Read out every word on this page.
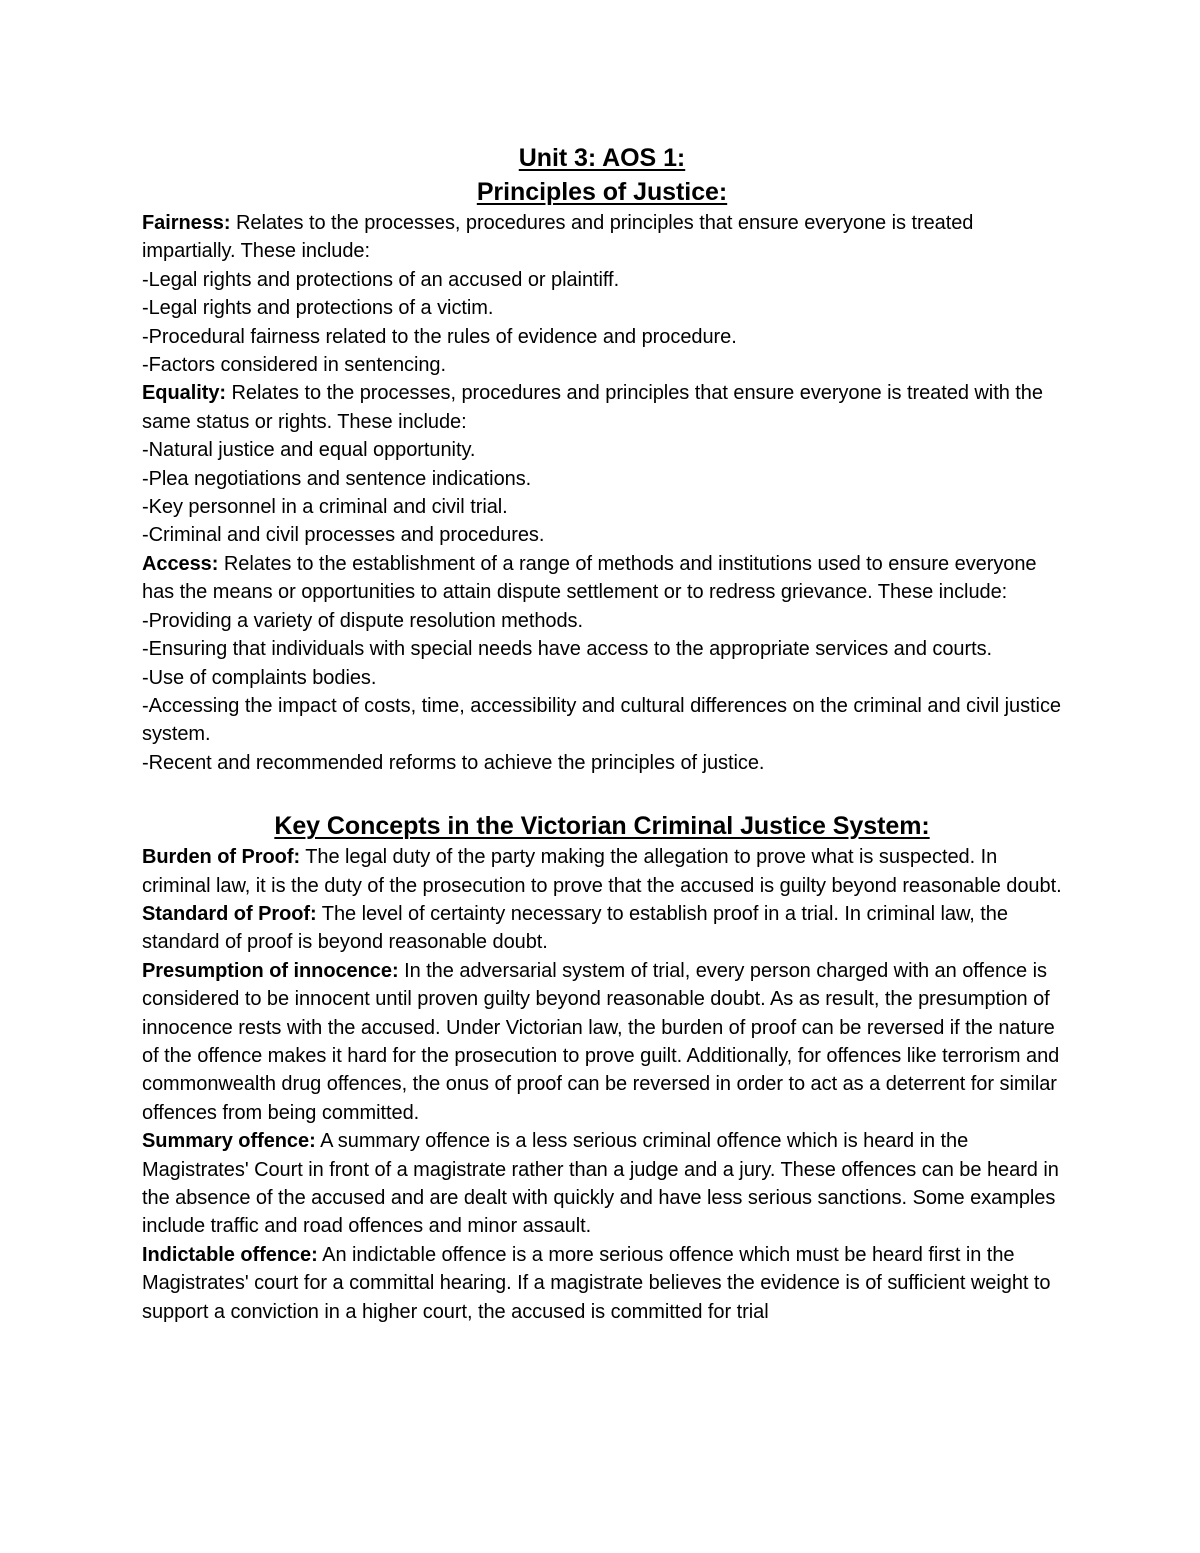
Unit 3: AOS 1:
Principles of Justice:

Fairness: Relates to the processes, procedures and principles that ensure everyone is treated impartially. These include:

-Legal rights and protections of an accused or plaintiff.

-Legal rights and protections of a victim.

-Procedural fairness related to the rules of evidence and procedure.

-Factors considered in sentencing.

Equality: Relates to the processes, procedures and principles that ensure everyone is treated with the same status or rights. These include:

-Natural justice and equal opportunity.

-Plea negotiations and sentence indications.

-Key personnel in a criminal and civil trial.

-Criminal and civil processes and procedures.

Access: Relates to the establishment of a range of methods and institutions used to ensure everyone has the means or opportunities to attain dispute settlement or to redress grievance. These include:

-Providing a variety of dispute resolution methods.

-Ensuring that individuals with special needs have access to the appropriate services and courts.

-Use of complaints bodies.

-Accessing the impact of costs, time, accessibility and cultural differences on the criminal and civil justice system.

-Recent and recommended reforms to achieve the principles of justice.

Key Concepts in the Victorian Criminal Justice System:

Burden of Proof: The legal duty of the party making the allegation to prove what is suspected. In criminal law, it is the duty of the prosecution to prove that the accused is guilty beyond reasonable doubt.

Standard of Proof: The level of certainty necessary to establish proof in a trial. In criminal law, the standard of proof is beyond reasonable doubt.

Presumption of innocence: In the adversarial system of trial, every person charged with an offence is considered to be innocent until proven guilty beyond reasonable doubt. As as result, the presumption of innocence rests with the accused. Under Victorian law, the burden of proof can be reversed if the nature of the offence makes it hard for the prosecution to prove guilt. Additionally, for offences like terrorism and commonwealth drug offences, the onus of proof can be reversed in order to act as a deterrent for similar offences from being committed.

Summary offence: A summary offence is a less serious criminal offence which is heard in the Magistrates' Court in front of a magistrate rather than a judge and a jury. These offences can be heard in the absence of the accused and are dealt with quickly and have less serious sanctions. Some examples include traffic and road offences and minor assault.

Indictable offence: An indictable offence is a more serious offence which must be heard first in the Magistrates' court for a committal hearing. If a magistrate believes the evidence is of sufficient weight to support a conviction in a higher court, the accused is committed for trial
